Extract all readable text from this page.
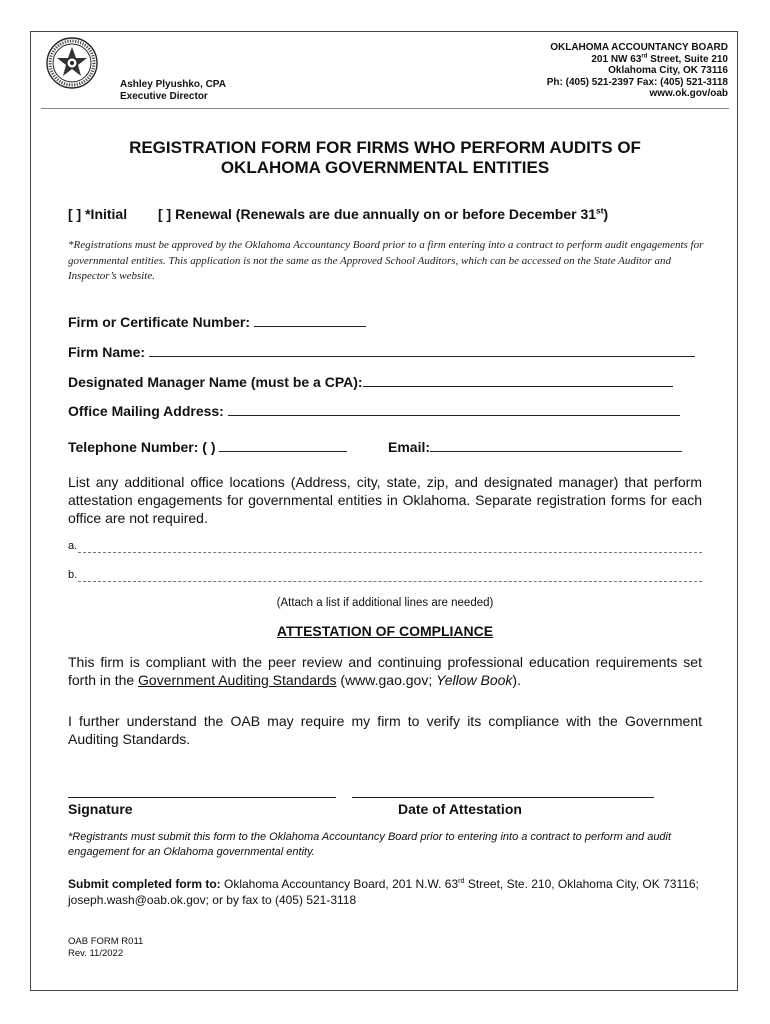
Ashley Plyushko, CPA
Executive Director
OKLAHOMA ACCOUNTANCY BOARD
201 NW 63rd Street, Suite 210
Oklahoma City, OK 73116
Ph: (405) 521-2397 Fax: (405) 521-3118
www.ok.gov/oab
REGISTRATION FORM FOR FIRMS WHO PERFORM AUDITS OF
OKLAHOMA GOVERNMENTAL ENTITIES
[ ] *Initial [ ] Renewal (Renewals are due annually on or before December 31st)
*Registrations must be approved by the Oklahoma Accountancy Board prior to a firm entering into a contract to perform audit engagements for governmental entities. This application is not the same as the Approved School Auditors, which can be accessed on the State Auditor and Inspector’s website.
Firm or Certificate Number:
Firm Name:
Designated Manager Name (must be a CPA):
Office Mailing Address:
Telephone Number: ( )	Email:
List any additional office locations (Address, city, state, zip, and designated manager) that perform attestation engagements for governmental entities in Oklahoma. Separate registration forms for each office are not required.
a.
b.
(Attach a list if additional lines are needed)
ATTESTATION OF COMPLIANCE
This firm is compliant with the peer review and continuing professional education requirements set forth in the Government Auditing Standards (www.gao.gov; Yellow Book).
I further understand the OAB may require my firm to verify its compliance with the Government Auditing Standards.
Signature	Date of Attestation
*Registrants must submit this form to the Oklahoma Accountancy Board prior to entering into a contract to perform and audit engagement for an Oklahoma governmental entity.
Submit completed form to: Oklahoma Accountancy Board, 201 N.W. 63rd Street, Ste. 210, Oklahoma City, OK 73116; joseph.wash@oab.ok.gov; or by fax to (405) 521-3118
OAB FORM R011
Rev. 11/2022
